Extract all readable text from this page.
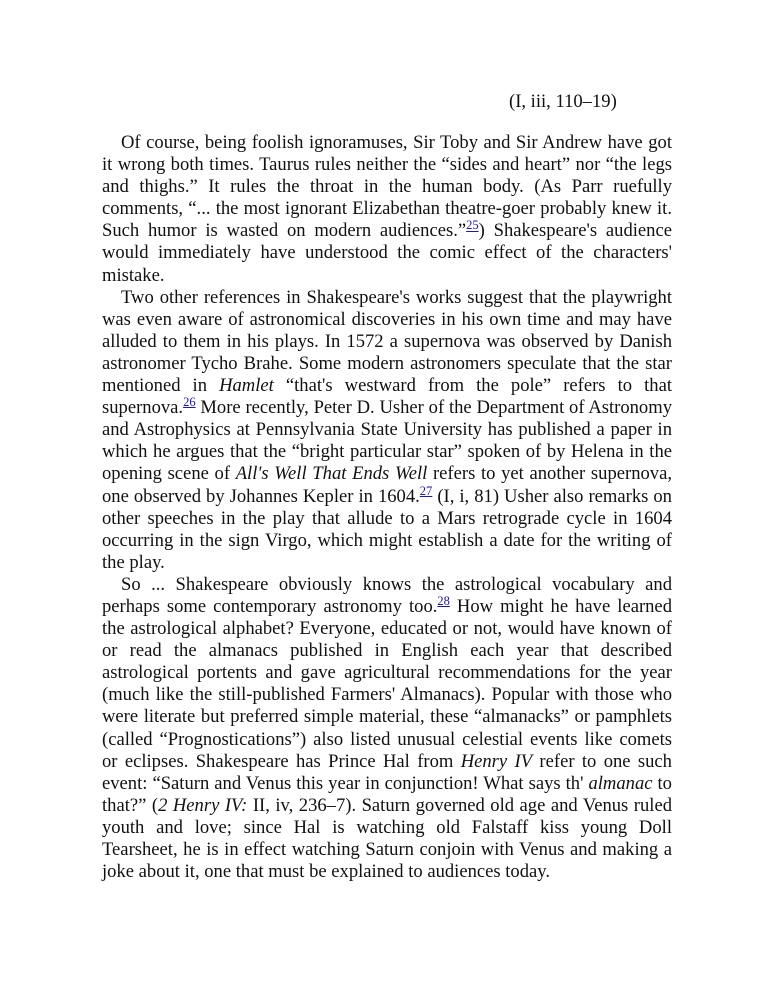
(I, iii, 110–19)

Of course, being foolish ignoramuses, Sir Toby and Sir Andrew have got it wrong both times. Taurus rules neither the “sides and heart” nor “the legs and thighs.” It rules the throat in the human body. (As Parr ruefully comments, “... the most ignorant Elizabethan theatre-goer probably knew it. Such humor is wasted on modern audiences.”$^{25}$) Shakespeare's audience would immediately have understood the comic effect of the characters' mistake.

Two other references in Shakespeare's works suggest that the playwright was even aware of astronomical discoveries in his own time and may have alluded to them in his plays. In 1572 a supernova was observed by Danish astronomer Tycho Brahe. Some modern astronomers speculate that the star mentioned in Hamlet “that's westward from the pole” refers to that supernova.$^{26}$ More recently, Peter D. Usher of the Department of Astronomy and Astrophysics at Pennsylvania State University has published a paper in which he argues that the “bright particular star” spoken of by Helena in the opening scene of All's Well That Ends Well refers to yet another supernova, one observed by Johannes Kepler in 1604.27 (I, i, 81) Usher also remarks on other speeches in the play that allude to a Mars retrograde cycle in 1604 occurring in the sign Virgo, which might establish a date for the writing of the play.

So ... Shakespeare obviously knows the astrological vocabulary and perhaps some contemporary astronomy too.$^{28}$ How might he have learned the astrological alphabet? Everyone, educated or not, would have known of or read the almanacs published in English each year that described astrological portents and gave agricultural recommendations for the year (much like the still-published Farmers' Almanacs). Popular with those who were literate but preferred simple material, these “almanacks” or pamphlets (called “Prognostications”) also listed unusual celestial events like comets or eclipses. Shakespeare has Prince Hal from Henry IV refer to one such event: “Saturn and Venus this year in conjunction! What says th' almanac to that?” (2 Henry IV: II, iv, 236–7). Saturn governed old age and Venus ruled youth and love; since Hal is watching old Falstaff kiss young Doll Tearsheet, he is in effect watching Saturn conjoin with Venus and making a joke about it, one that must be explained to audiences today.
